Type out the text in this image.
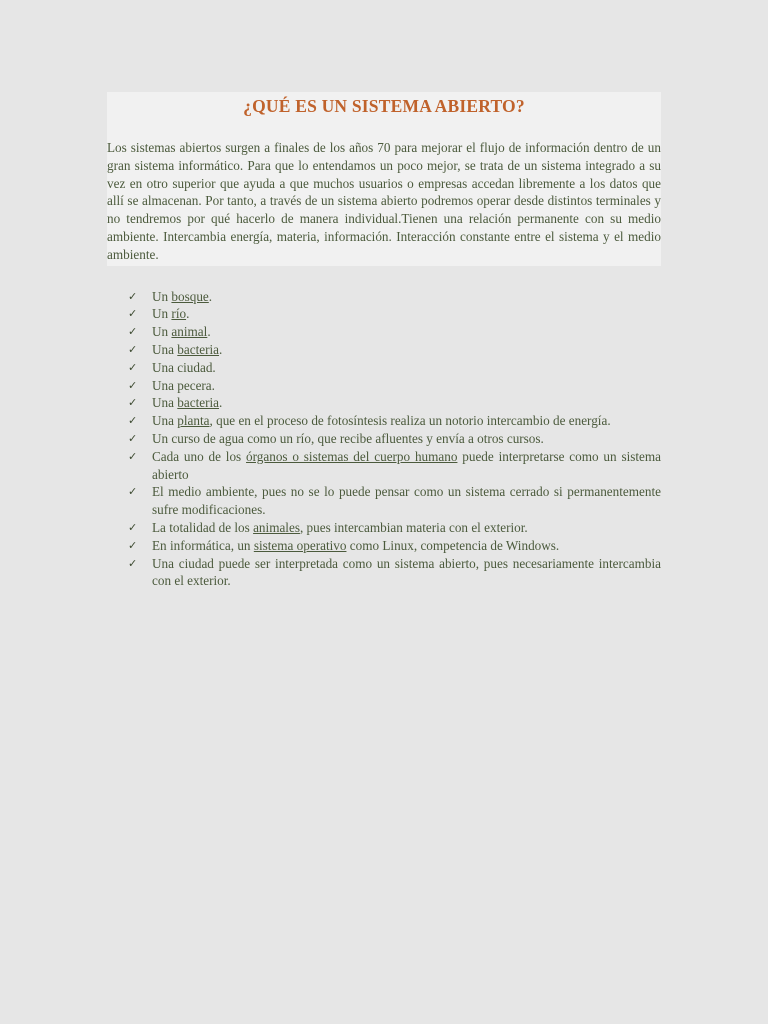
¿QUÉ ES UN SISTEMA ABIERTO?

Los sistemas abiertos surgen a finales de los años 70 para mejorar el flujo de información dentro de un gran sistema informático. Para que lo entendamos un poco mejor, se trata de un sistema integrado a su vez en otro superior que ayuda a que muchos usuarios o empresas accedan libremente a los datos que allí se almacenan. Por tanto, a través de un sistema abierto podremos operar desde distintos terminales y no tendremos por qué hacerlo de manera individual.Tienen una relación permanente con su medio ambiente. Intercambia energía, materia, información. Interacción constante entre el sistema y el medio ambiente.

✓	Un bosque.
✓	Un río.
✓	Un animal.
✓	Una bacteria.
✓	Una ciudad.
✓	Una pecera.
✓	Una bacteria.
✓	Una planta, que en el proceso de fotosíntesis realiza un notorio intercambio de energía.
✓	Un curso de agua como un río, que recibe afluentes y envía a otros cursos.
✓	Cada uno de los órganos o sistemas del cuerpo humano puede interpretarse como un sistema abierto
✓	El medio ambiente, pues no se lo puede pensar como un sistema cerrado si permanentemente sufre modificaciones.
✓	La totalidad de los animales, pues intercambian materia con el exterior.
✓	En informática, un sistema operativo como Linux, competencia de Windows.
✓	Una ciudad puede ser interpretada como un sistema abierto, pues necesariamente intercambia con el exterior.
